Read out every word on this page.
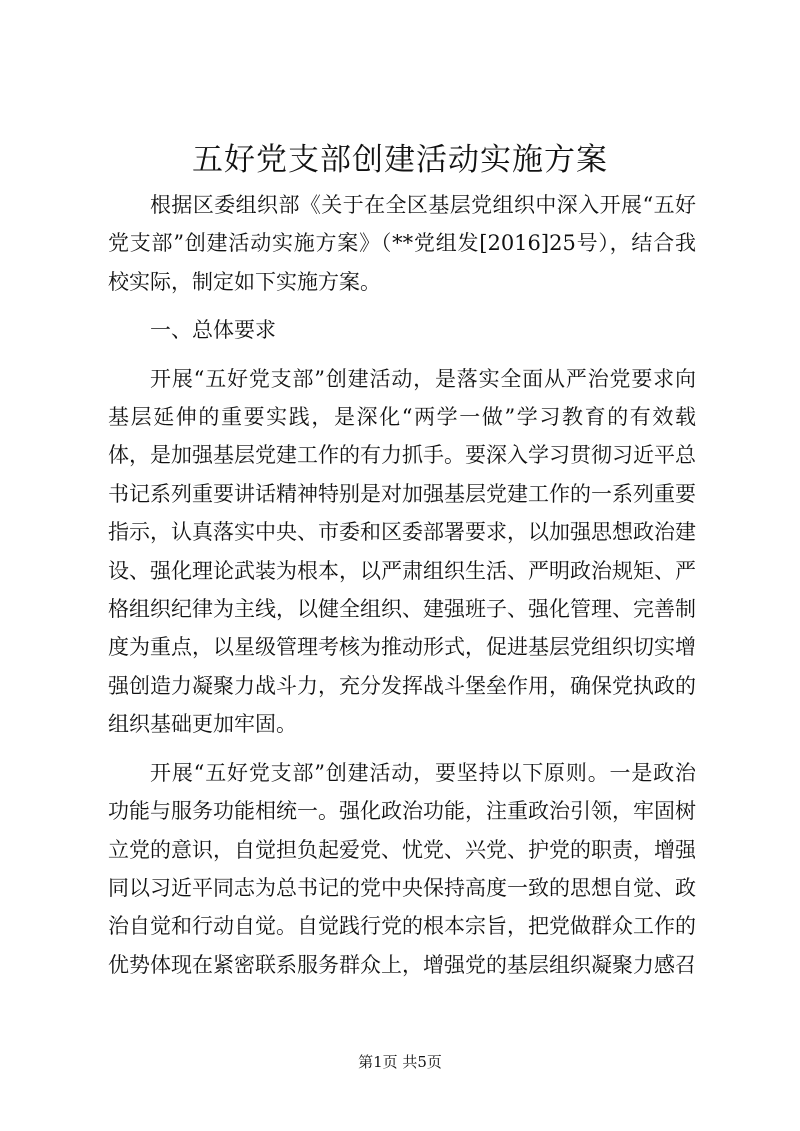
五好党支部创建活动实施方案

根据区委组织部《关于在全区基层党组织中深入开展“五好党支部”创建活动实施方案》（**党组发[2016]25号），结合我校实际，制定如下实施方案。

一、总体要求

开展“五好党支部”创建活动，是落实全面从严治党要求向基层延伸的重要实践，是深化“两学一做”学习教育的有效载体，是加强基层党建工作的有力抓手。要深入学习贯彻习近平总书记系列重要讲话精神特别是对加强基层党建工作的一系列重要指示，认真落实中央、市委和区委部署要求，以加强思想政治建设、强化理论武装为根本，以严肃组织生活、严明政治规矩、严格组织纪律为主线，以健全组织、建强班子、强化管理、完善制度为重点，以星级管理考核为推动形式，促进基层党组织切实增强创造力凝聚力战斗力，充分发挥战斗堡垒作用，确保党执政的组织基础更加牢固。

开展“五好党支部”创建活动，要坚持以下原则。一是政治功能与服务功能相统一。强化政治功能，注重政治引领，牢固树立党的意识，自觉担负起爱党、忧党、兴党、护党的职责，增强同以习近平同志为总书记的党中央保持高度一致的思想自觉、政治自觉和行动自觉。自觉践行党的根本宗旨，把党做群众工作的优势体现在紧密联系服务群众上，增强党的基层组织凝聚力感召

第1页 共5页
